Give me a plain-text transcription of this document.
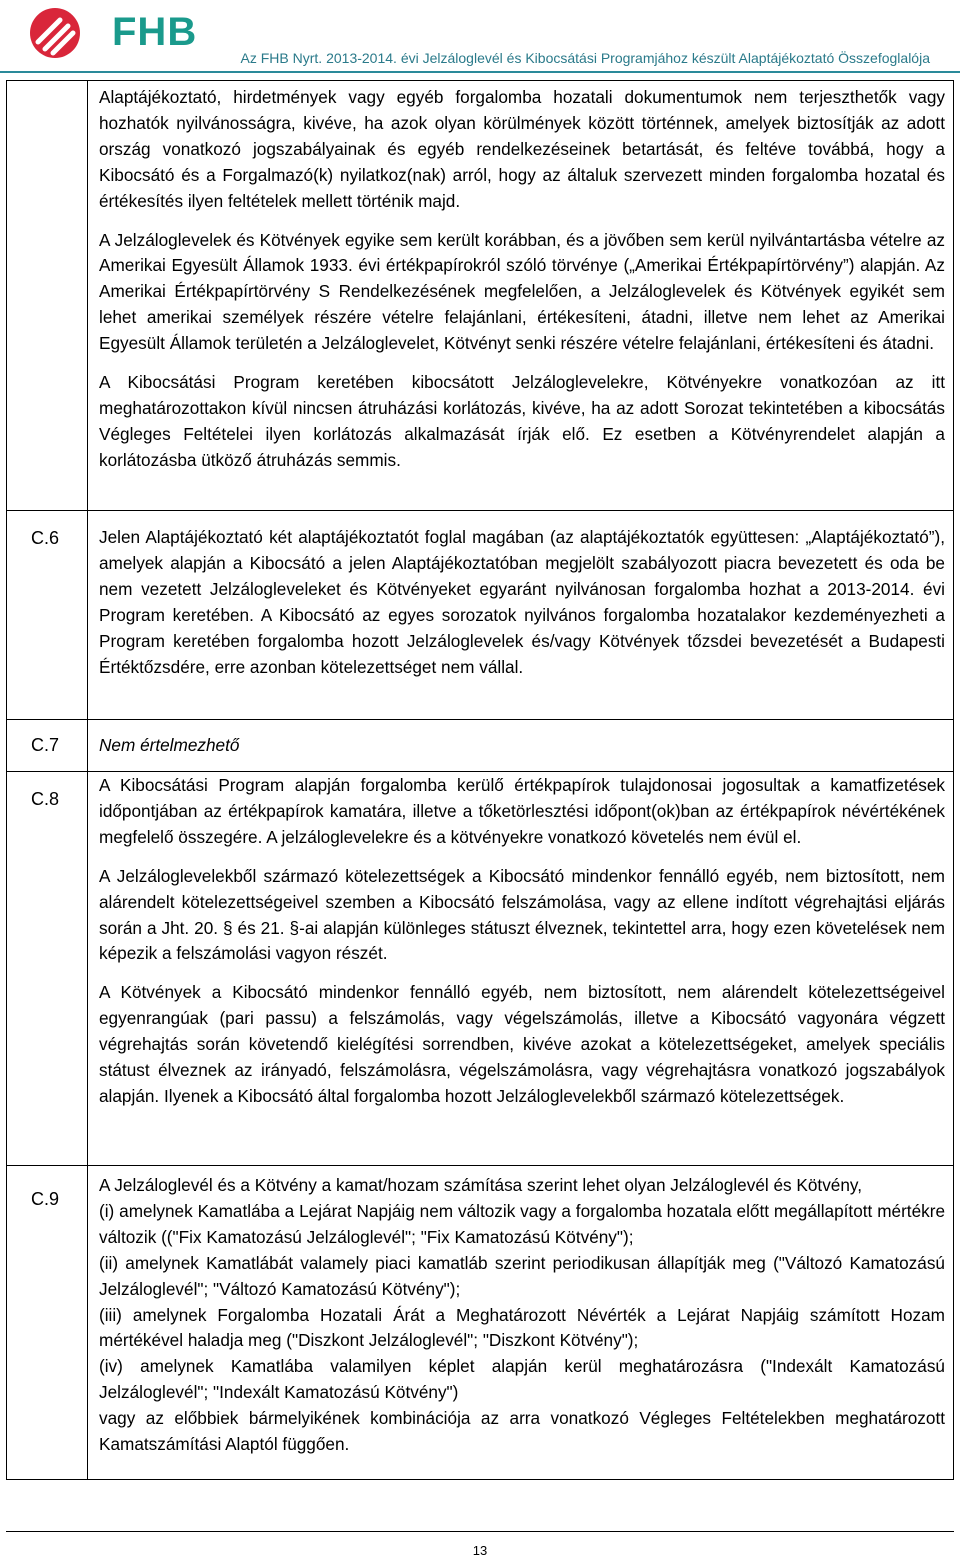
FHB
Az FHB Nyrt. 2013-2014. évi Jelzáloglevél és Kibocsátási Programjához készült Alaptájékoztató Összefoglalója

Alaptájékoztató, hirdetmények vagy egyéb forgalomba hozatali dokumentumok nem terjeszthetők vagy hozhatók nyilvánosságra, kivéve, ha azok olyan körülmények között történnek, amelyek biztosítják az adott ország vonatkozó jogszabályainak és egyéb rendelkezéseinek betartását, és feltéve továbbá, hogy a Kibocsátó és a Forgalmazó(k) nyilatkoz(nak) arról, hogy az általuk szervezett minden forgalomba hozatal és értékesítés ilyen feltételek mellett történik majd.

A Jelzáloglevelek és Kötvények egyike sem került korábban, és a jövőben sem kerül nyilvántartásba vételre az Amerikai Egyesült Államok 1933. évi értékpapírokról szóló törvénye („Amerikai Értékpapírtörvény”) alapján. Az Amerikai Értékpapírtörvény S Rendelkezésének megfelelően, a Jelzáloglevelek és Kötvények egyikét sem lehet amerikai személyek részére vételre felajánlani, értékesíteni, átadni, illetve nem lehet az Amerikai Egyesült Államok területén a Jelzáloglevelet, Kötvényt senki részére vételre felajánlani, értékesíteni és átadni.

A Kibocsátási Program keretében kibocsátott Jelzáloglevelekre, Kötvényekre vonatkozóan az itt meghatározottakon kívül nincsen átruházási korlátozás, kivéve, ha az adott Sorozat tekintetében a kibocsátás Végleges Feltételei ilyen korlátozás alkalmazását írják elő. Ez esetben a Kötvényrendelet alapján a korlátozásba ütköző átruházás semmis.

C.6 Jelen Alaptájékoztató két alaptájékoztatót foglal magában (az alaptájékoztatók együttesen: „Alaptájékoztató”), amelyek alapján a Kibocsátó a jelen Alaptájékoztatóban megjelölt szabályozott piacra bevezetett és oda be nem vezetett Jelzálogleveleket és Kötvényeket egyaránt nyilvánosan forgalomba hozhat a 2013-2014. évi Program keretében. A Kibocsátó az egyes sorozatok nyilvános forgalomba hozatalakor kezdeményezheti a Program keretében forgalomba hozott Jelzáloglevelek és/vagy Kötvények tőzsdei bevezetését a Budapesti Értéktőzsdére, erre azonban kötelezettséget nem vállal.

C.7 Nem értelmezhető

C.8

A Kibocsátási Program alapján forgalomba kerülő értékpapírok tulajdonosai jogosultak a kamatfizetések időpontjában az értékpapírok kamatára, illetve a tőketörlesztési időpont(ok)ban az értékpapírok névértékének megfelelő összegére. A jelzáloglevelekre és a kötvényekre vonatkozó követelés nem évül el.

A Jelzáloglevelekből származó kötelezettségek a Kibocsátó mindenkor fennálló egyéb, nem biztosított, nem alárendelt kötelezettségeivel szemben a Kibocsátó felszámolása, vagy az ellene indított végrehajtási eljárás során a Jht. 20. § és 21. §-ai alapján különleges státuszt élveznek, tekintettel arra, hogy ezen követelések nem képezik a felszámolási vagyon részét.

A Kötvények a Kibocsátó mindenkor fennálló egyéb, nem biztosított, nem alárendelt kötelezettségeivel egyenrangúak (pari passu) a felszámolás, vagy végelszámolás, illetve a Kibocsátó vagyonára végzett végrehajtás során követendő kielégítési sorrendben, kivéve azokat a kötelezettségeket, amelyek speciális státust élveznek az irányadó, felszámolásra, végelszámolásra, vagy végrehajtásra vonatkozó jogszabályok alapján. Ilyenek a Kibocsátó által forgalomba hozott Jelzáloglevelekből származó kötelezettségek.

C.9
A Jelzáloglevél és a Kötvény a kamat/hozam számítása szerint lehet olyan Jelzáloglevél és Kötvény,
(i) amelynek Kamatlába a Lejárat Napjáig nem változik vagy a forgalomba hozatala előtt megállapított mértékre változik (("Fix Kamatozású Jelzáloglevél"; "Fix Kamatozású Kötvény");
(ii) amelynek Kamatlábát valamely piaci kamatláb szerint periodikusan állapítják meg ("Változó Kamatozású Jelzáloglevél"; "Változó Kamatozású Kötvény");
(iii) amelynek Forgalomba Hozatali Árát a Meghatározott Névérték a Lejárat Napjáig számított Hozam mértékével haladja meg ("Diszkont Jelzáloglevél"; "Diszkont Kötvény");
(iv) amelynek Kamatlába valamilyen képlet alapján kerül meghatározásra ("Indexált Kamatozású Jelzáloglevél"; "Indexált Kamatozású Kötvény")
vagy az előbbiek bármelyikének kombinációja az arra vonatkozó Végleges Feltételekben meghatározott Kamatszámítási Alaptól függően.
13
